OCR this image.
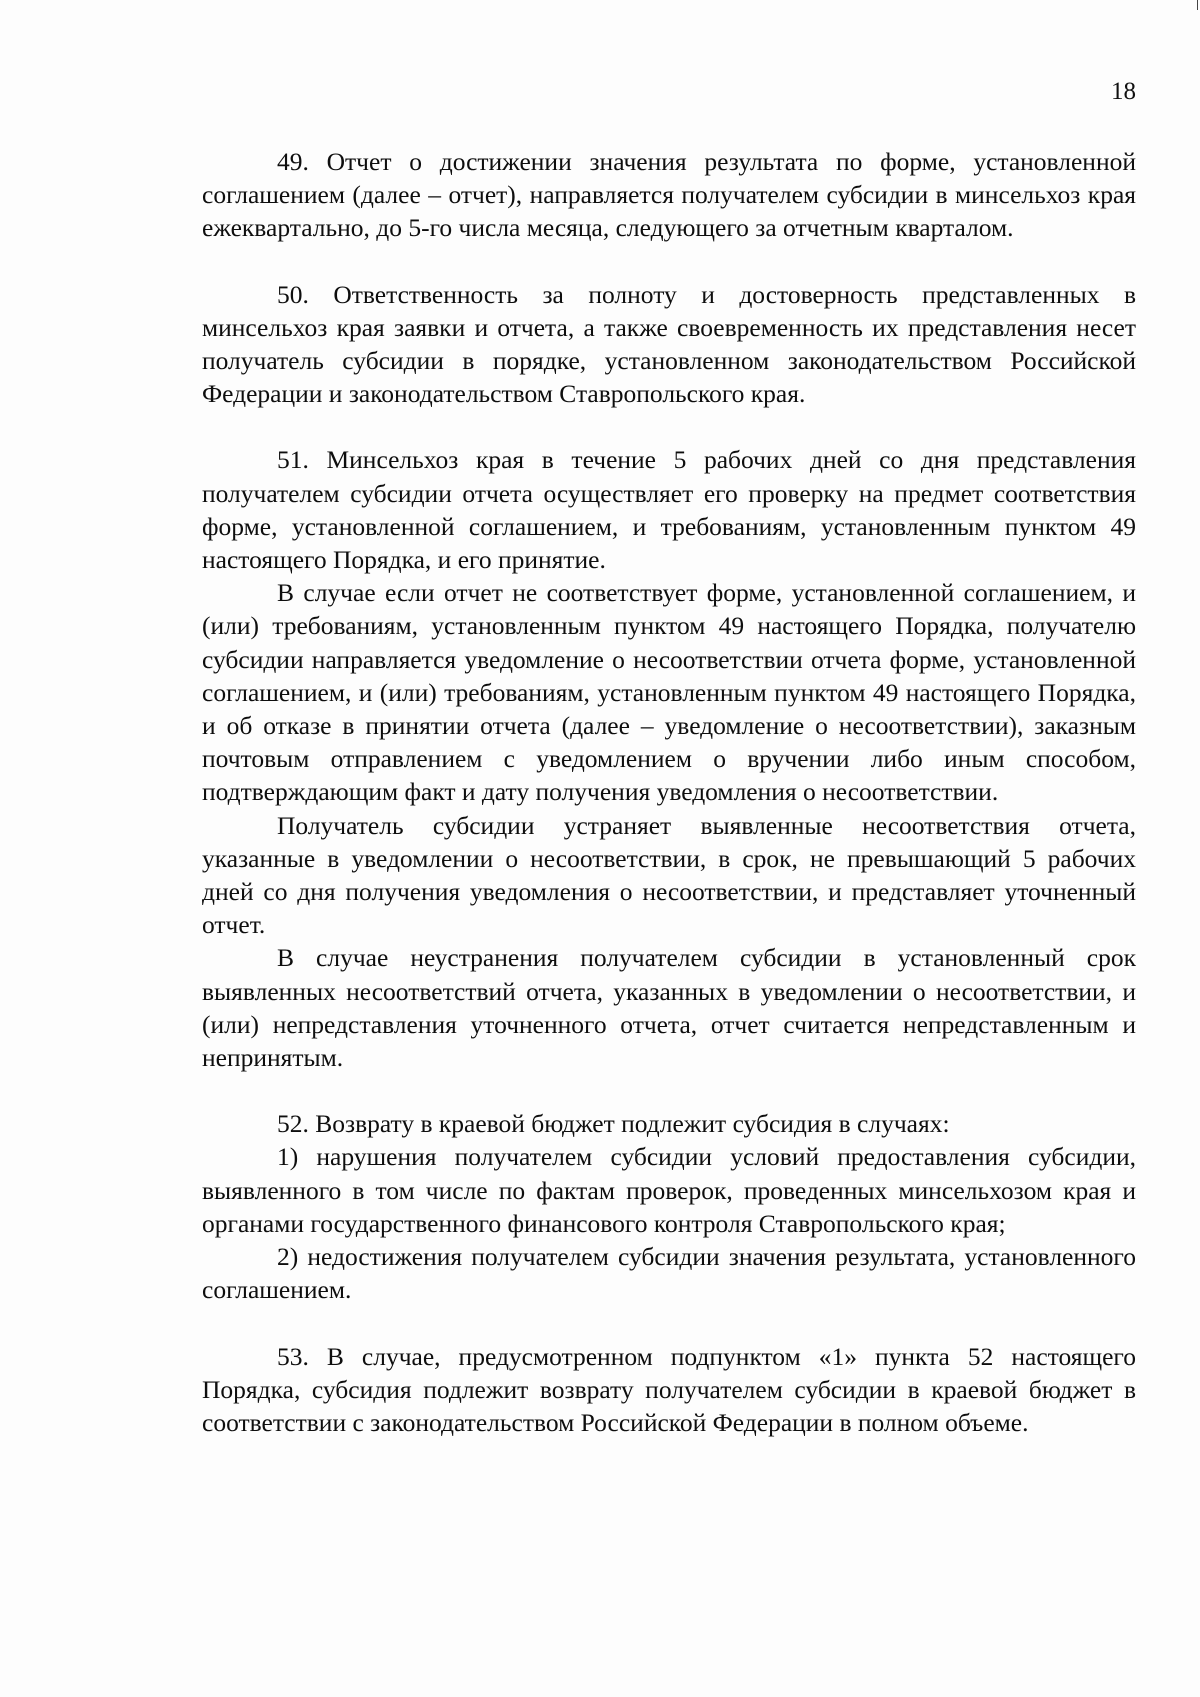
18

49. Отчет о достижении значения результата по форме, установленной соглашением (далее – отчет), направляется получателем субсидии в минсельхоз края ежеквартально, до 5-го числа месяца, следующего за отчетным кварталом.

50. Ответственность за полноту и достоверность представленных в минсельхоз края заявки и отчета, а также своевременность их представления несет получатель субсидии в порядке, установленном законодательством Российской Федерации и законодательством Ставропольского края.

51. Минсельхоз края в течение 5 рабочих дней со дня представления получателем субсидии отчета осуществляет его проверку на предмет соответствия форме, установленной соглашением, и требованиям, установленным пунктом 49 настоящего Порядка, и его принятие.

В случае если отчет не соответствует форме, установленной соглашением, и (или) требованиям, установленным пунктом 49 настоящего Порядка, получателю субсидии направляется уведомление о несоответствии отчета форме, установленной соглашением, и (или) требованиям, установленным пунктом 49 настоящего Порядка, и об отказе в принятии отчета (далее – уведомление о несоответствии), заказным почтовым отправлением с уведомлением о вручении либо иным способом, подтверждающим факт и дату получения уведомления о несоответствии.

Получатель субсидии устраняет выявленные несоответствия отчета, указанные в уведомлении о несоответствии, в срок, не превышающий 5 рабочих дней со дня получения уведомления о несоответствии, и представляет уточненный отчет.

В случае неустранения получателем субсидии в установленный срок выявленных несоответствий отчета, указанных в уведомлении о несоответствии, и (или) непредставления уточненного отчета, отчет считается непредставленным и непринятым.

52. Возврату в краевой бюджет подлежит субсидия в случаях:

1) нарушения получателем субсидии условий предоставления субсидии, выявленного в том числе по фактам проверок, проведенных минсельхозом края и органами государственного финансового контроля Ставропольского края;

2) недостижения получателем субсидии значения результата, установленного соглашением.

53. В случае, предусмотренном подпунктом «1» пункта 52 настоящего Порядка, субсидия подлежит возврату получателем субсидии в краевой бюджет в соответствии с законодательством Российской Федерации в полном объеме.
